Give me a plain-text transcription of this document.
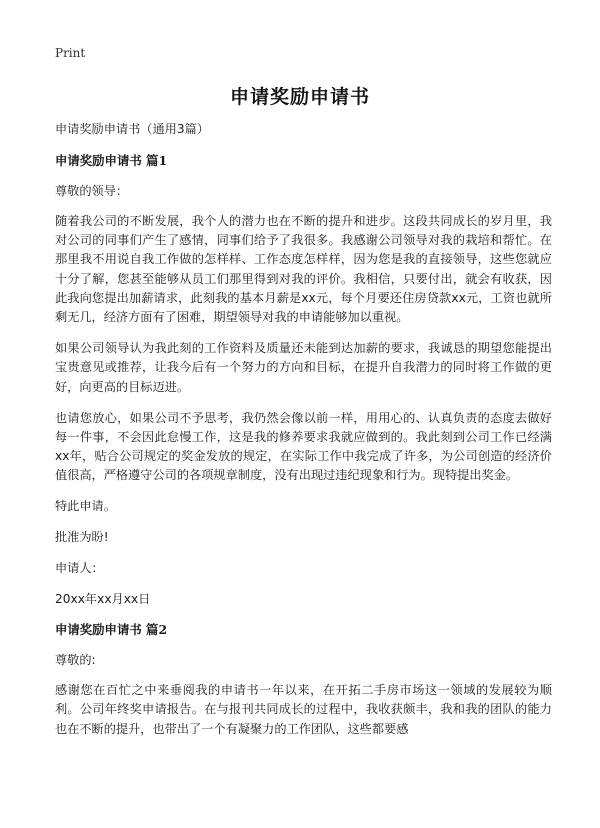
Print
申请奖励申请书

申请奖励申请书（通用3篇）

申请奖励申请书 篇1

尊敬的领导：

随着我公司的不断发展，我个人的潜力也在不断的提升和进步。这段共同成长的岁月里，我对公司的同事们产生了感情，同事们给予了我很多。我感谢公司领导对我的栽培和帮忙。在那里我不用说自我工作做的怎样样、工作态度怎样样，因为您是我的直接领导，这些您就应十分了解，您甚至能够从员工们那里得到对我的评价。我相信，只要付出，就会有收获，因此我向您提出加薪请求，此刻我的基本月薪是xx元，每个月要还住房贷款xx元，工资也就所剩无几，经济方面有了困难，期望领导对我的申请能够加以重视。

如果公司领导认为我此刻的工作资料及质量还未能到达加薪的要求，我诚恳的期望您能提出宝贵意见或推荐，让我今后有一个努力的方向和目标，在提升自我潜力的同时将工作做的更好，向更高的目标迈进。

也请您放心，如果公司不予思考，我仍然会像以前一样，用用心的、认真负责的态度去做好每一件事，不会因此怠慢工作，这是我的修养要求我就应做到的。我此刻到公司工作已经满xx年，贴合公司规定的奖金发放的规定，在实际工作中我完成了许多，为公司创造的经济价值很高，严格遵守公司的各项规章制度，没有出现过违纪现象和行为。现特提出奖金。

特此申请。

批准为盼!

申请人：

20xx年xx月xx日

申请奖励申请书 篇2

尊敬的:

感谢您在百忙之中来垂阅我的申请书一年以来，在开拓二手房市场这一领域的发展较为顺利。公司年终奖申请报告。在与报刊共同成长的过程中，我收获颇丰，我和我的团队的能力也在不断的提升，也带出了一个有凝聚力的工作团队，这些都要感
